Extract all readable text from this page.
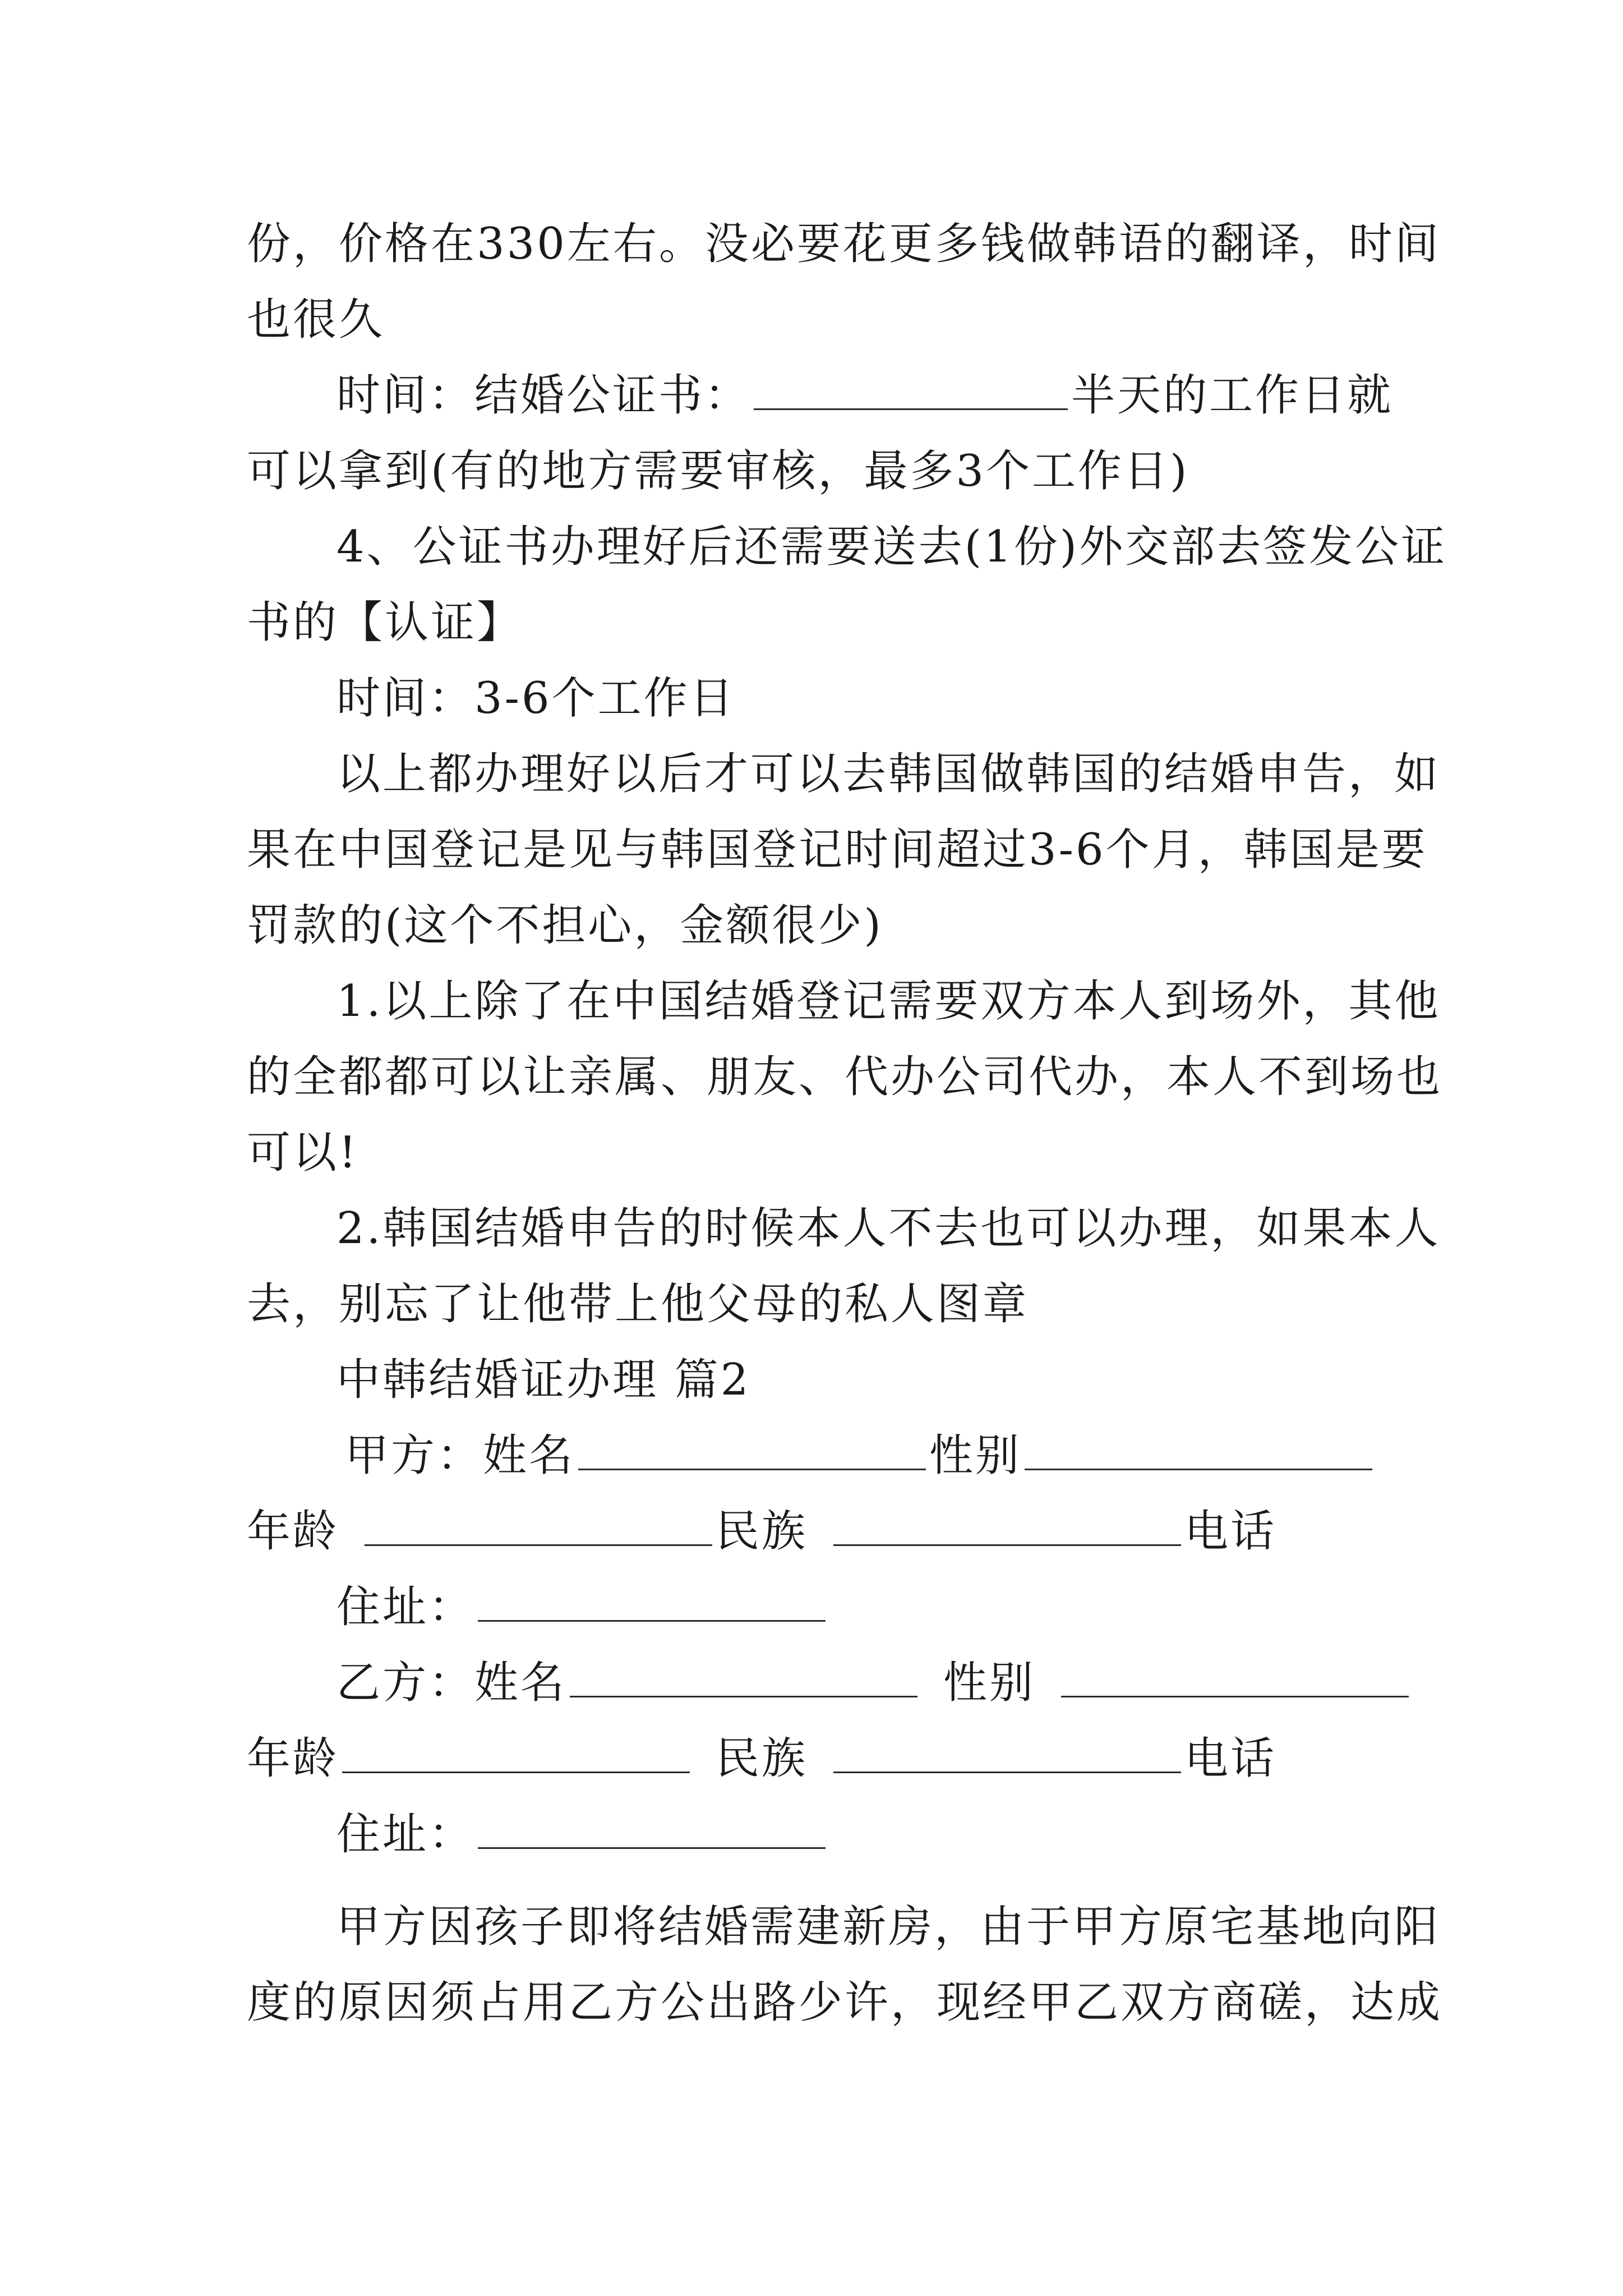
份，价格在330左右。没必要花更多钱做韩语的翻译，时间
也很久
时间：结婚公证书：	半天的工作日就
可以拿到(有的地方需要审核，最多3个工作日)
4、公证书办理好后还需要送去(1份)外交部去签发公证
书的【认证】
时间：3-6个工作日
以上都办理好以后才可以去韩国做韩国的结婚申告，如
果在中国登记是见与韩国登记时间超过3-6个月，韩国是要
罚款的(这个不担心，金额很少)
1.以上除了在中国结婚登记需要双方本人到场外，其他
的全都都可以让亲属、朋友、代办公司代办，本人不到场也
可以!
2.韩国结婚申告的时候本人不去也可以办理，如果本人
去，别忘了让他带上他父母的私人图章
中韩结婚证办理 篇2
甲方：姓名	性别
年龄	民族	电话
住址：
乙方：姓名	性别
年龄	民族	电话
住址：
甲方因孩子即将结婚需建新房，由于甲方原宅基地向阳
度的原因须占用乙方公出路少许，现经甲乙双方商磋，达成
